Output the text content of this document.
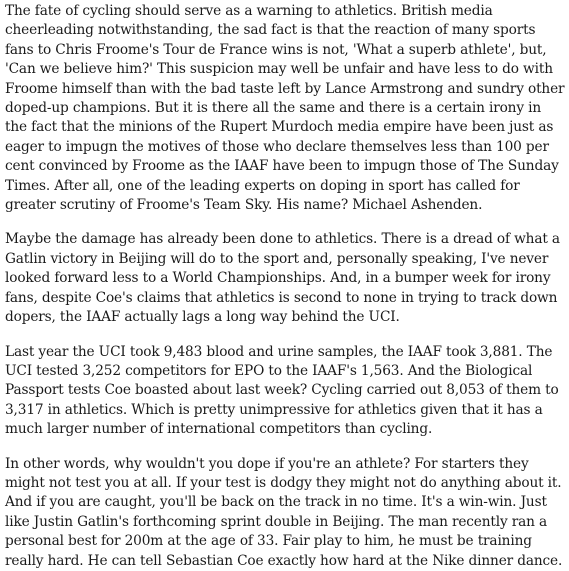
The fate of cycling should serve as a warning to athletics. British media cheerleading notwithstanding, the sad fact is that the reaction of many sports fans to Chris Froome's Tour de France wins is not, 'What a superb athlete', but, 'Can we believe him?' This suspicion may well be unfair and have less to do with Froome himself than with the bad taste left by Lance Armstrong and sundry other doped-up champions. But it is there all the same and there is a certain irony in the fact that the minions of the Rupert Murdoch media empire have been just as eager to impugn the motives of those who declare themselves less than 100 per cent convinced by Froome as the IAAF have been to impugn those of The Sunday Times. After all, one of the leading experts on doping in sport has called for greater scrutiny of Froome's Team Sky. His name? Michael Ashenden.

Maybe the damage has already been done to athletics. There is a dread of what a Gatlin victory in Beijing will do to the sport and, personally speaking, I've never looked forward less to a World Championships. And, in a bumper week for irony fans, despite Coe's claims that athletics is second to none in trying to track down dopers, the IAAF actually lags a long way behind the UCI.

Last year the UCI took 9,483 blood and urine samples, the IAAF took 3,881. The UCI tested 3,252 competitors for EPO to the IAAF's 1,563. And the Biological Passport tests Coe boasted about last week? Cycling carried out 8,053 of them to 3,317 in athletics. Which is pretty unimpressive for athletics given that it has a much larger number of international competitors than cycling.

In other words, why wouldn't you dope if you're an athlete? For starters they might not test you at all. If your test is dodgy they might not do anything about it. And if you are caught, you'll be back on the track in no time. It's a win-win. Just like Justin Gatlin's forthcoming sprint double in Beijing. The man recently ran a personal best for 200m at the age of 33. Fair play to him, he must be training really hard. He can tell Sebastian Coe exactly how hard at the Nike dinner dance.
